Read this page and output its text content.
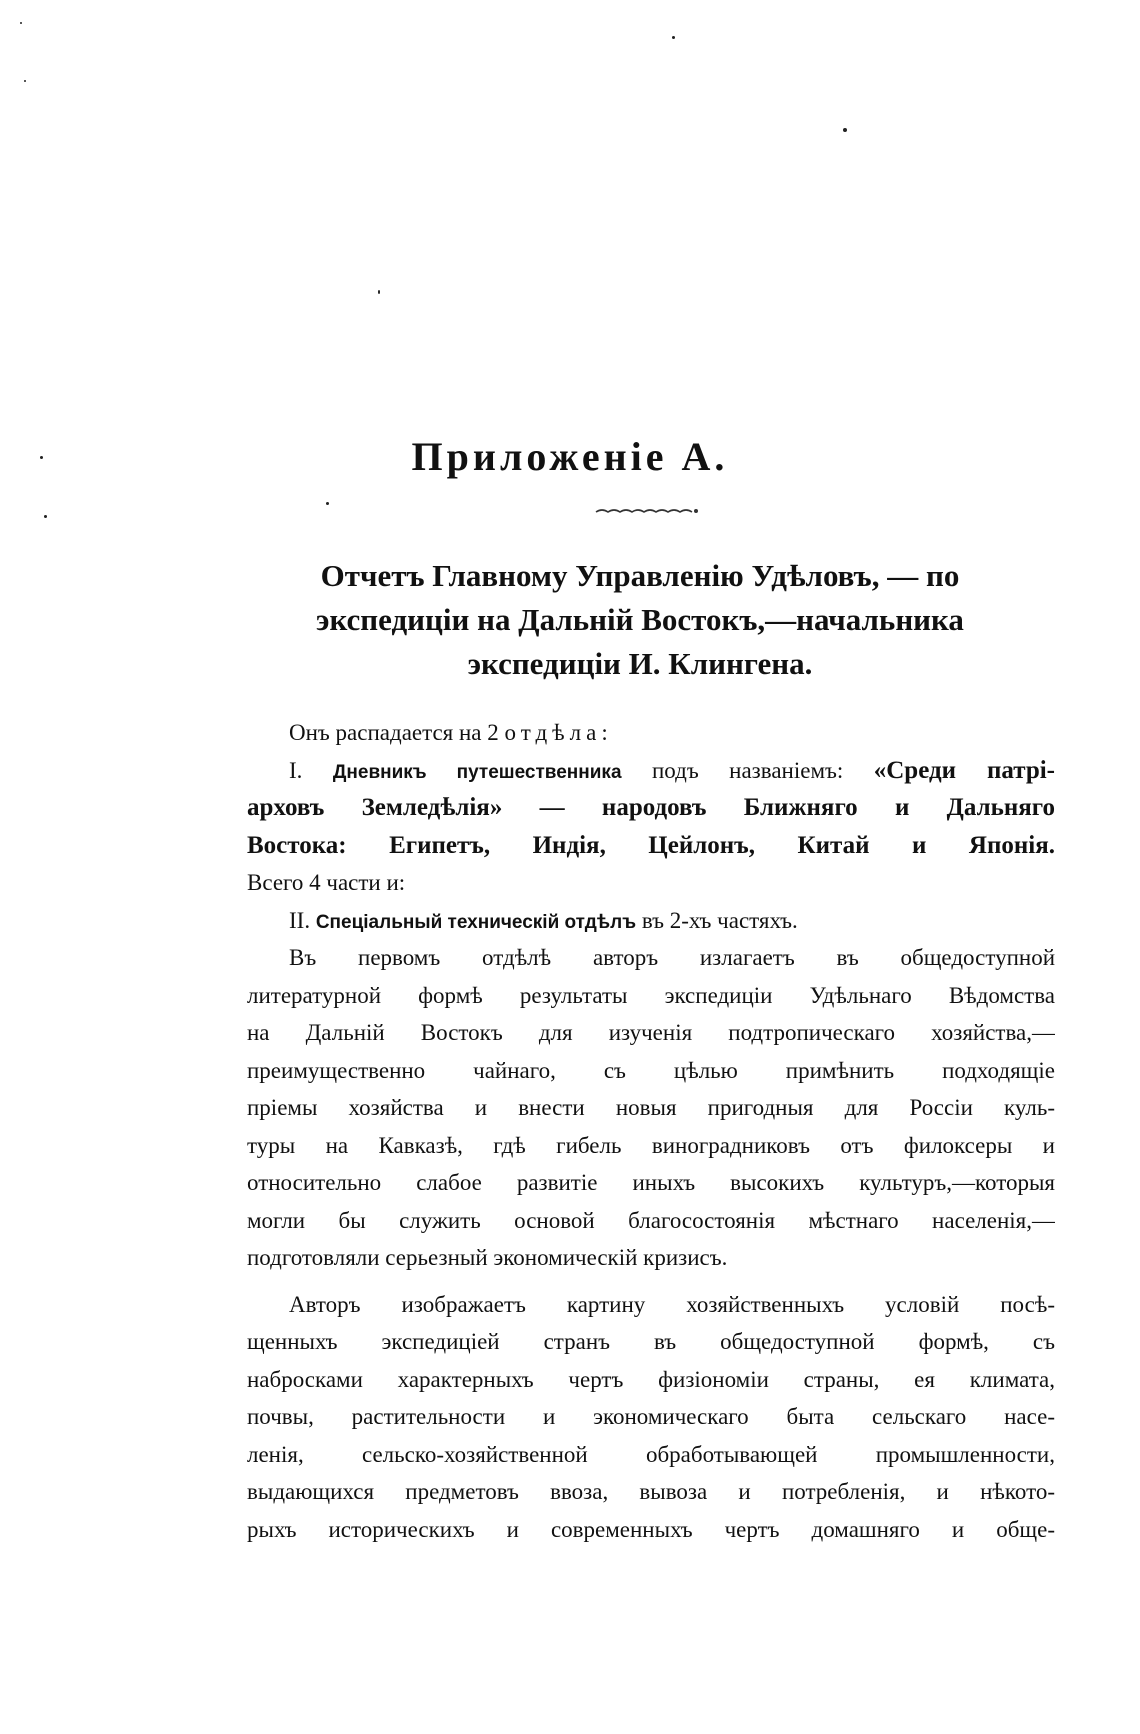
Приложеніе А.
Отчетъ Главному Управленію Удѣловъ, — по
экспедиціи на Дальній Востокъ,—начальника
экспедиціи И. Клингена.
Онъ распадается на 2 отдѣла:
I. Дневникъ путешественника подъ названіемъ: «Среди патрі-
арховъ Земледѣлія» — народовъ Ближняго и Дальняго
Востока: Египетъ, Индія, Цейлонъ, Китай и Японія.
Всего 4 части и:
II. Спеціальный техническій отдѣлъ въ 2-хъ частяхъ.
Въ первомъ отдѣлѣ авторъ излагаетъ въ общедоступной
литературной формѣ результаты экспедиціи Удѣльнаго Вѣдомства
на Дальній Востокъ для изученія подтропическаго хозяйства,—
преимущественно чайнаго, съ цѣлью примѣнить подходящіе
пріемы хозяйства и внести новыя пригодныя для Россіи куль-
туры на Кавказѣ, гдѣ гибель виноградниковъ отъ филоксеры и
относительно слабое развитіе иныхъ высокихъ культуръ,—которыя
могли бы служить основой благосостоянія мѣстнаго населенія,—
подготовляли серьезный экономическій кризисъ.
Авторъ изображаетъ картину хозяйственныхъ условій посѣ-
щенныхъ экспедиціей странъ въ общедоступной формѣ, съ
набросками характерныхъ чертъ физіономіи страны, ея климата,
почвы, растительности и экономическаго быта сельскаго насе-
ленія, сельско-хозяйственной обработывающей промышленности,
выдающихся предметовъ ввоза, вывоза и потребленія, и нѣкото-
рыхъ историческихъ и современныхъ чертъ домашняго и обще-
